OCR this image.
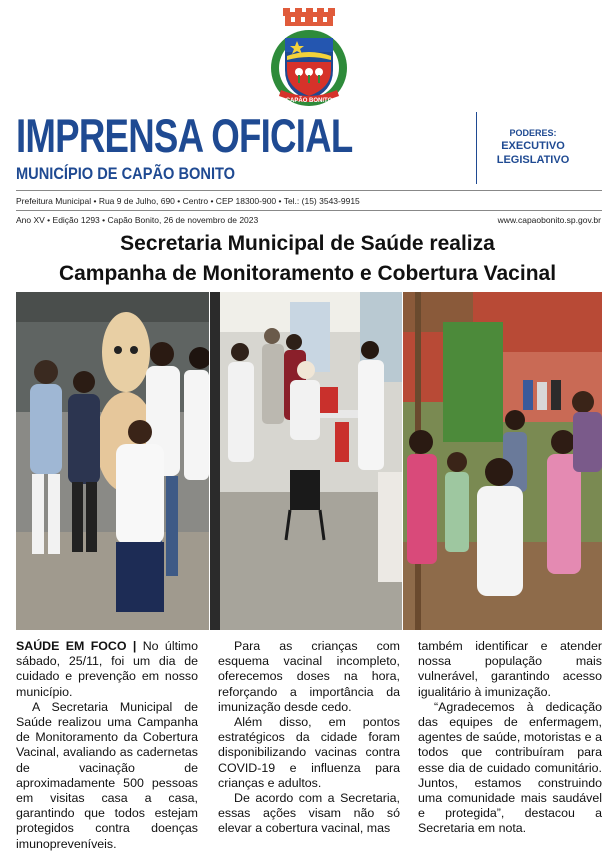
CAPÃO BONITO
IMPRENSA OFICIAL
MUNICÍPIO DE CAPÃO BONITO
PODERES:
EXECUTIVO
LEGISLATIVO
Prefeitura Municipal • Rua 9 de Julho, 690 • Centro • CEP 18300-900 • Tel.: (15) 3543-9915
Ano XV • Edição 1293 • Capão Bonito, 26 de novembro de 2023	www.capaobonito.sp.gov.br
Secretaria Municipal de Saúde realiza
Campanha de Monitoramento e Cobertura Vacinal

SAÚDE EM FOCO | No último sábado, 25/11, foi um dia de cuidado e prevenção em nosso município.

A Secretaria Municipal de Saúde realizou uma Campanha de Monitoramento da Cobertura Vacinal, avaliando as cadernetas de vacinação de aproximadamente 500 pessoas em visitas casa a casa, garantindo que todos estejam protegidos contra doenças imunopreveníveis.

Para as crianças com esquema vacinal incompleto, oferecemos doses na hora, reforçando a importância da imunização desde cedo.

Além disso, em pontos estratégicos da cidade foram disponibilizando vacinas contra COVID-19 e influenza para crianças e adultos.

De acordo com a Secretaria, essas ações visam não só elevar a cobertura vacinal, mas

também identificar e atender nossa população mais vulnerável, garantindo acesso igualitário à imunização.

“Agradecemos à dedicação das equipes de enfermagem, agentes de saúde, motoristas e a todos que contribuíram para esse dia de cuidado comunitário. Juntos, estamos construindo uma comunidade mais saudável e protegida”, destacou a Secretaria em nota.
